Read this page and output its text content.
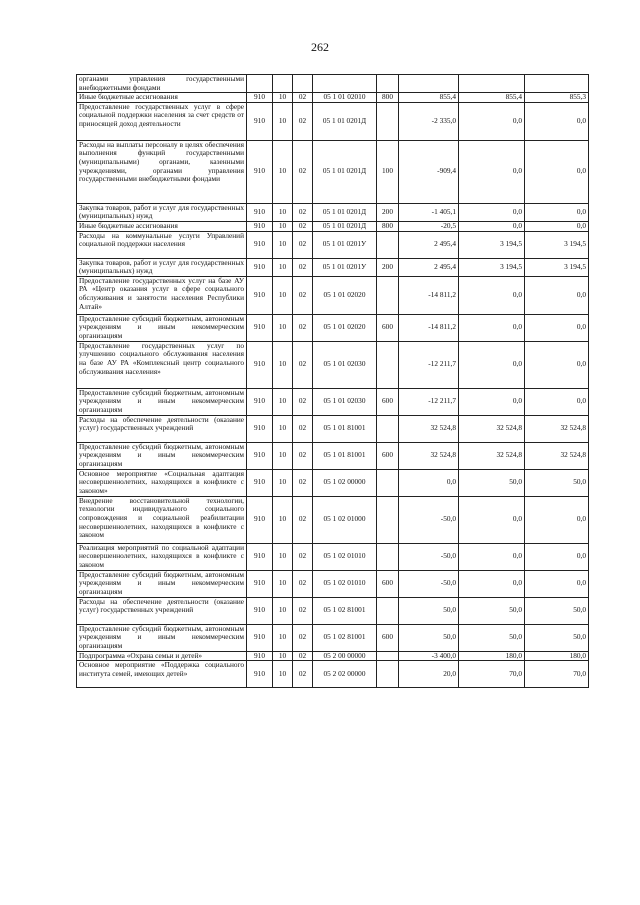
262
органами управления государственными внебюджетными фондами								
Иные бюджетные ассигнования	910	10	02	05 1 01 02010	800	855,4	855,4	855,3
Предоставление государственных услуг в сфере социальной поддержки населения за счет средств от приносящей доход деятельности	910	10	02	05 1 01 0201Д		-2 335,0	0,0	0,0
Расходы на выплаты персоналу в целях обеспечения выполнения функций государственными (муниципальными) органами, казенными учреждениями, органами управления государственными внебюджетными фондами	910	10	02	05 1 01 0201Д	100	-909,4	0,0	0,0
Закупка товаров, работ и услуг для государственных (муниципальных) нужд	910	10	02	05 1 01 0201Д	200	-1 405,1	0,0	0,0
Иные бюджетные ассигнования	910	10	02	05 1 01 0201Д	800	-20,5	0,0	0,0
Расходы на коммунальные услуги Управлений социальной поддержки населения	910	10	02	05 1 01 0201У		2 495,4	3 194,5	3 194,5
Закупка товаров, работ и услуг для государственных (муниципальных) нужд	910	10	02	05 1 01 0201У	200	2 495,4	3 194,5	3 194,5
Предоставление государственных услуг на базе АУ РА «Центр оказания услуг в сфере социального обслуживания и занятости населения Республики Алтай»	910	10	02	05 1 01 02020		-14 811,2	0,0	0,0
Предоставление субсидий бюджетным, автономным учреждениям и иным некоммерческим организациям	910	10	02	05 1 01 02020	600	-14 811,2	0,0	0,0
Предоставление государственных услуг по улучшению социального обслуживания населения на базе АУ РА «Комплексный центр социального обслуживания населения»	910	10	02	05 1 01 02030		-12 211,7	0,0	0,0
Предоставление субсидий бюджетным, автономным учреждениям и иным некоммерческим организациям	910	10	02	05 1 01 02030	600	-12 211,7	0,0	0,0
Расходы на обеспечение деятельности (оказание услуг) государственных учреждений	910	10	02	05 1 01 81001		32 524,8	32 524,8	32 524,8
Предоставление субсидий бюджетным, автономным учреждениям и иным некоммерческим организациям	910	10	02	05 1 01 81001	600	32 524,8	32 524,8	32 524,8
Основное мероприятие «Социальная адаптация несовершеннолетних, находящихся в конфликте с законом»	910	10	02	05 1 02 00000		0,0	50,0	50,0
Внедрение восстановительной технологии, технологии индивидуального социального сопровождения и социальной реабилитации несовершеннолетних, находящихся в конфликте с законом	910	10	02	05 1 02 01000		-50,0	0,0	0,0
Реализация мероприятий по социальной адаптации несовершеннолетних, находящихся в конфликте с законом	910	10	02	05 1 02 01010		-50,0	0,0	0,0
Предоставление субсидий бюджетным, автономным учреждениям и иным некоммерческим организациям	910	10	02	05 1 02 01010	600	-50,0	0,0	0,0
Расходы на обеспечение деятельности (оказание услуг) государственных учреждений	910	10	02	05 1 02 81001		50,0	50,0	50,0
Предоставление субсидий бюджетным, автономным учреждениям и иным некоммерческим организациям	910	10	02	05 1 02 81001	600	50,0	50,0	50,0
Подпрограмма «Охрана семьи и детей»	910	10	02	05 2 00 00000		-3 400,0	180,0	180,0
Основное мероприятие «Поддержка социального института семей, имеющих детей»	910	10	02	05 2 02 00000		20,0	70,0	70,0
